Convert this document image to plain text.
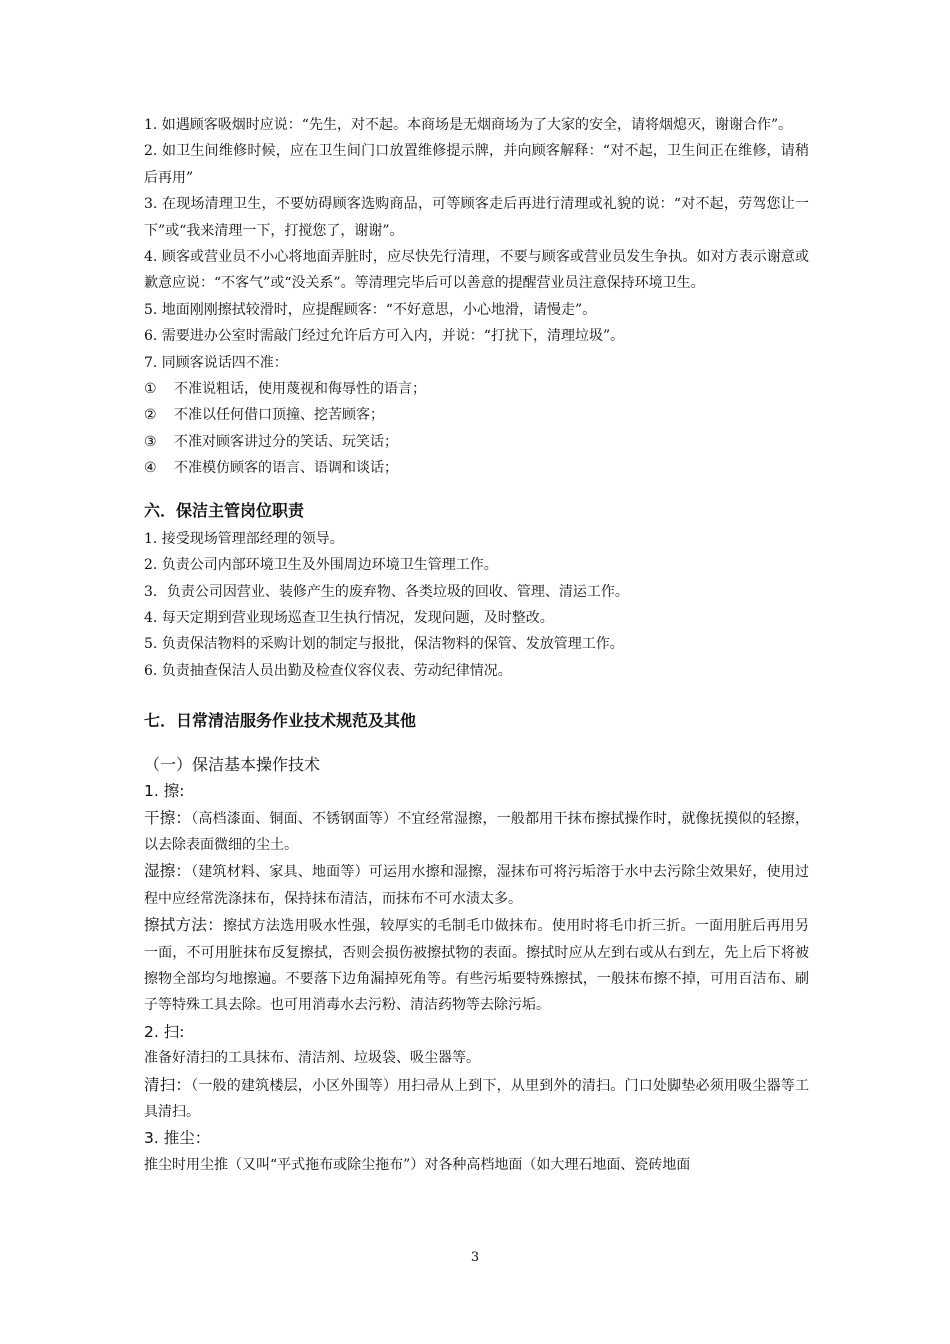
1. 如遇顾客吸烟时应说：“先生，对不起。本商场是无烟商场为了大家的安全，请将烟熄灭，谢谢合作”。

2. 如卫生间维修时候，应在卫生间门口放置维修提示牌，并向顾客解释：“对不起，卫生间正在维修，请稍后再用”

3. 在现场清理卫生，不要妨碍顾客选购商品，可等顾客走后再进行清理或礼貌的说：“对不起，劳驾您让一下”或“我来清理一下，打搅您了，谢谢”。

4. 顾客或营业员不小心将地面弄脏时，应尽快先行清理，不要与顾客或营业员发生争执。如对方表示谢意或歉意应说：“不客气”或“没关系”。等清理完毕后可以善意的提醒营业员注意保持环境卫生。

5. 地面刚刚擦拭较滑时，应提醒顾客：“不好意思，小心地滑，请慢走”。

6. 需要进办公室时需敲门经过允许后方可入内，并说：“打扰下，清理垃圾”。

7. 同顾客说话四不准：

① 不准说粗话，使用蔑视和侮辱性的语言；

② 不准以任何借口顶撞、挖苦顾客；

③ 不准对顾客讲过分的笑话、玩笑话；

④ 不准模仿顾客的语言、语调和谈话；

六．保洁主管岗位职责

1. 接受现场管理部经理的领导。

2. 负责公司内部环境卫生及外围周边环境卫生管理工作。

3．负责公司因营业、装修产生的废弃物、各类垃圾的回收、管理、清运工作。

4. 每天定期到营业现场巡查卫生执行情况，发现问题，及时整改。

5. 负责保洁物料的采购计划的制定与报批，保洁物料的保管、发放管理工作。

6. 负责抽查保洁人员出勤及检查仪容仪表、劳动纪律情况。

七．日常清洁服务作业技术规范及其他

（一）保洁基本操作技术

1. 擦:

干擦：（高档漆面、铜面、不锈钢面等）不宜经常湿擦，一般都用干抹布擦拭操作时，就像抚摸似的轻擦，以去除表面微细的尘土。

湿擦：（建筑材料、家具、地面等）可运用水擦和湿擦，湿抹布可将污垢溶于水中去污除尘效果好，使用过程中应经常洗涤抹布，保持抹布清洁，而抹布不可水渍太多。

擦拭方法：擦拭方法选用吸水性强，较厚实的毛制毛巾做抹布。使用时将毛巾折三折。一面用脏后再用另一面，不可用脏抹布反复擦拭，否则会损伤被擦拭物的表面。擦拭时应从左到右或从右到左，先上后下将被擦物全部均匀地擦遍。不要落下边角漏掉死角等。有些污垢要特殊擦拭，一般抹布擦不掉，可用百洁布、刷子等特殊工具去除。也可用消毒水去污粉、清洁药物等去除污垢。

2. 扫:

准备好清扫的工具抹布、清洁剂、垃圾袋、吸尘器等。

清扫：（一般的建筑楼层，小区外围等）用扫帚从上到下，从里到外的清扫。门口处脚垫必须用吸尘器等工具清扫。

3. 推尘：

推尘时用尘推（又叫“平式拖布或除尘拖布”）对各种高档地面（如大理石地面、瓷砖地面

3
